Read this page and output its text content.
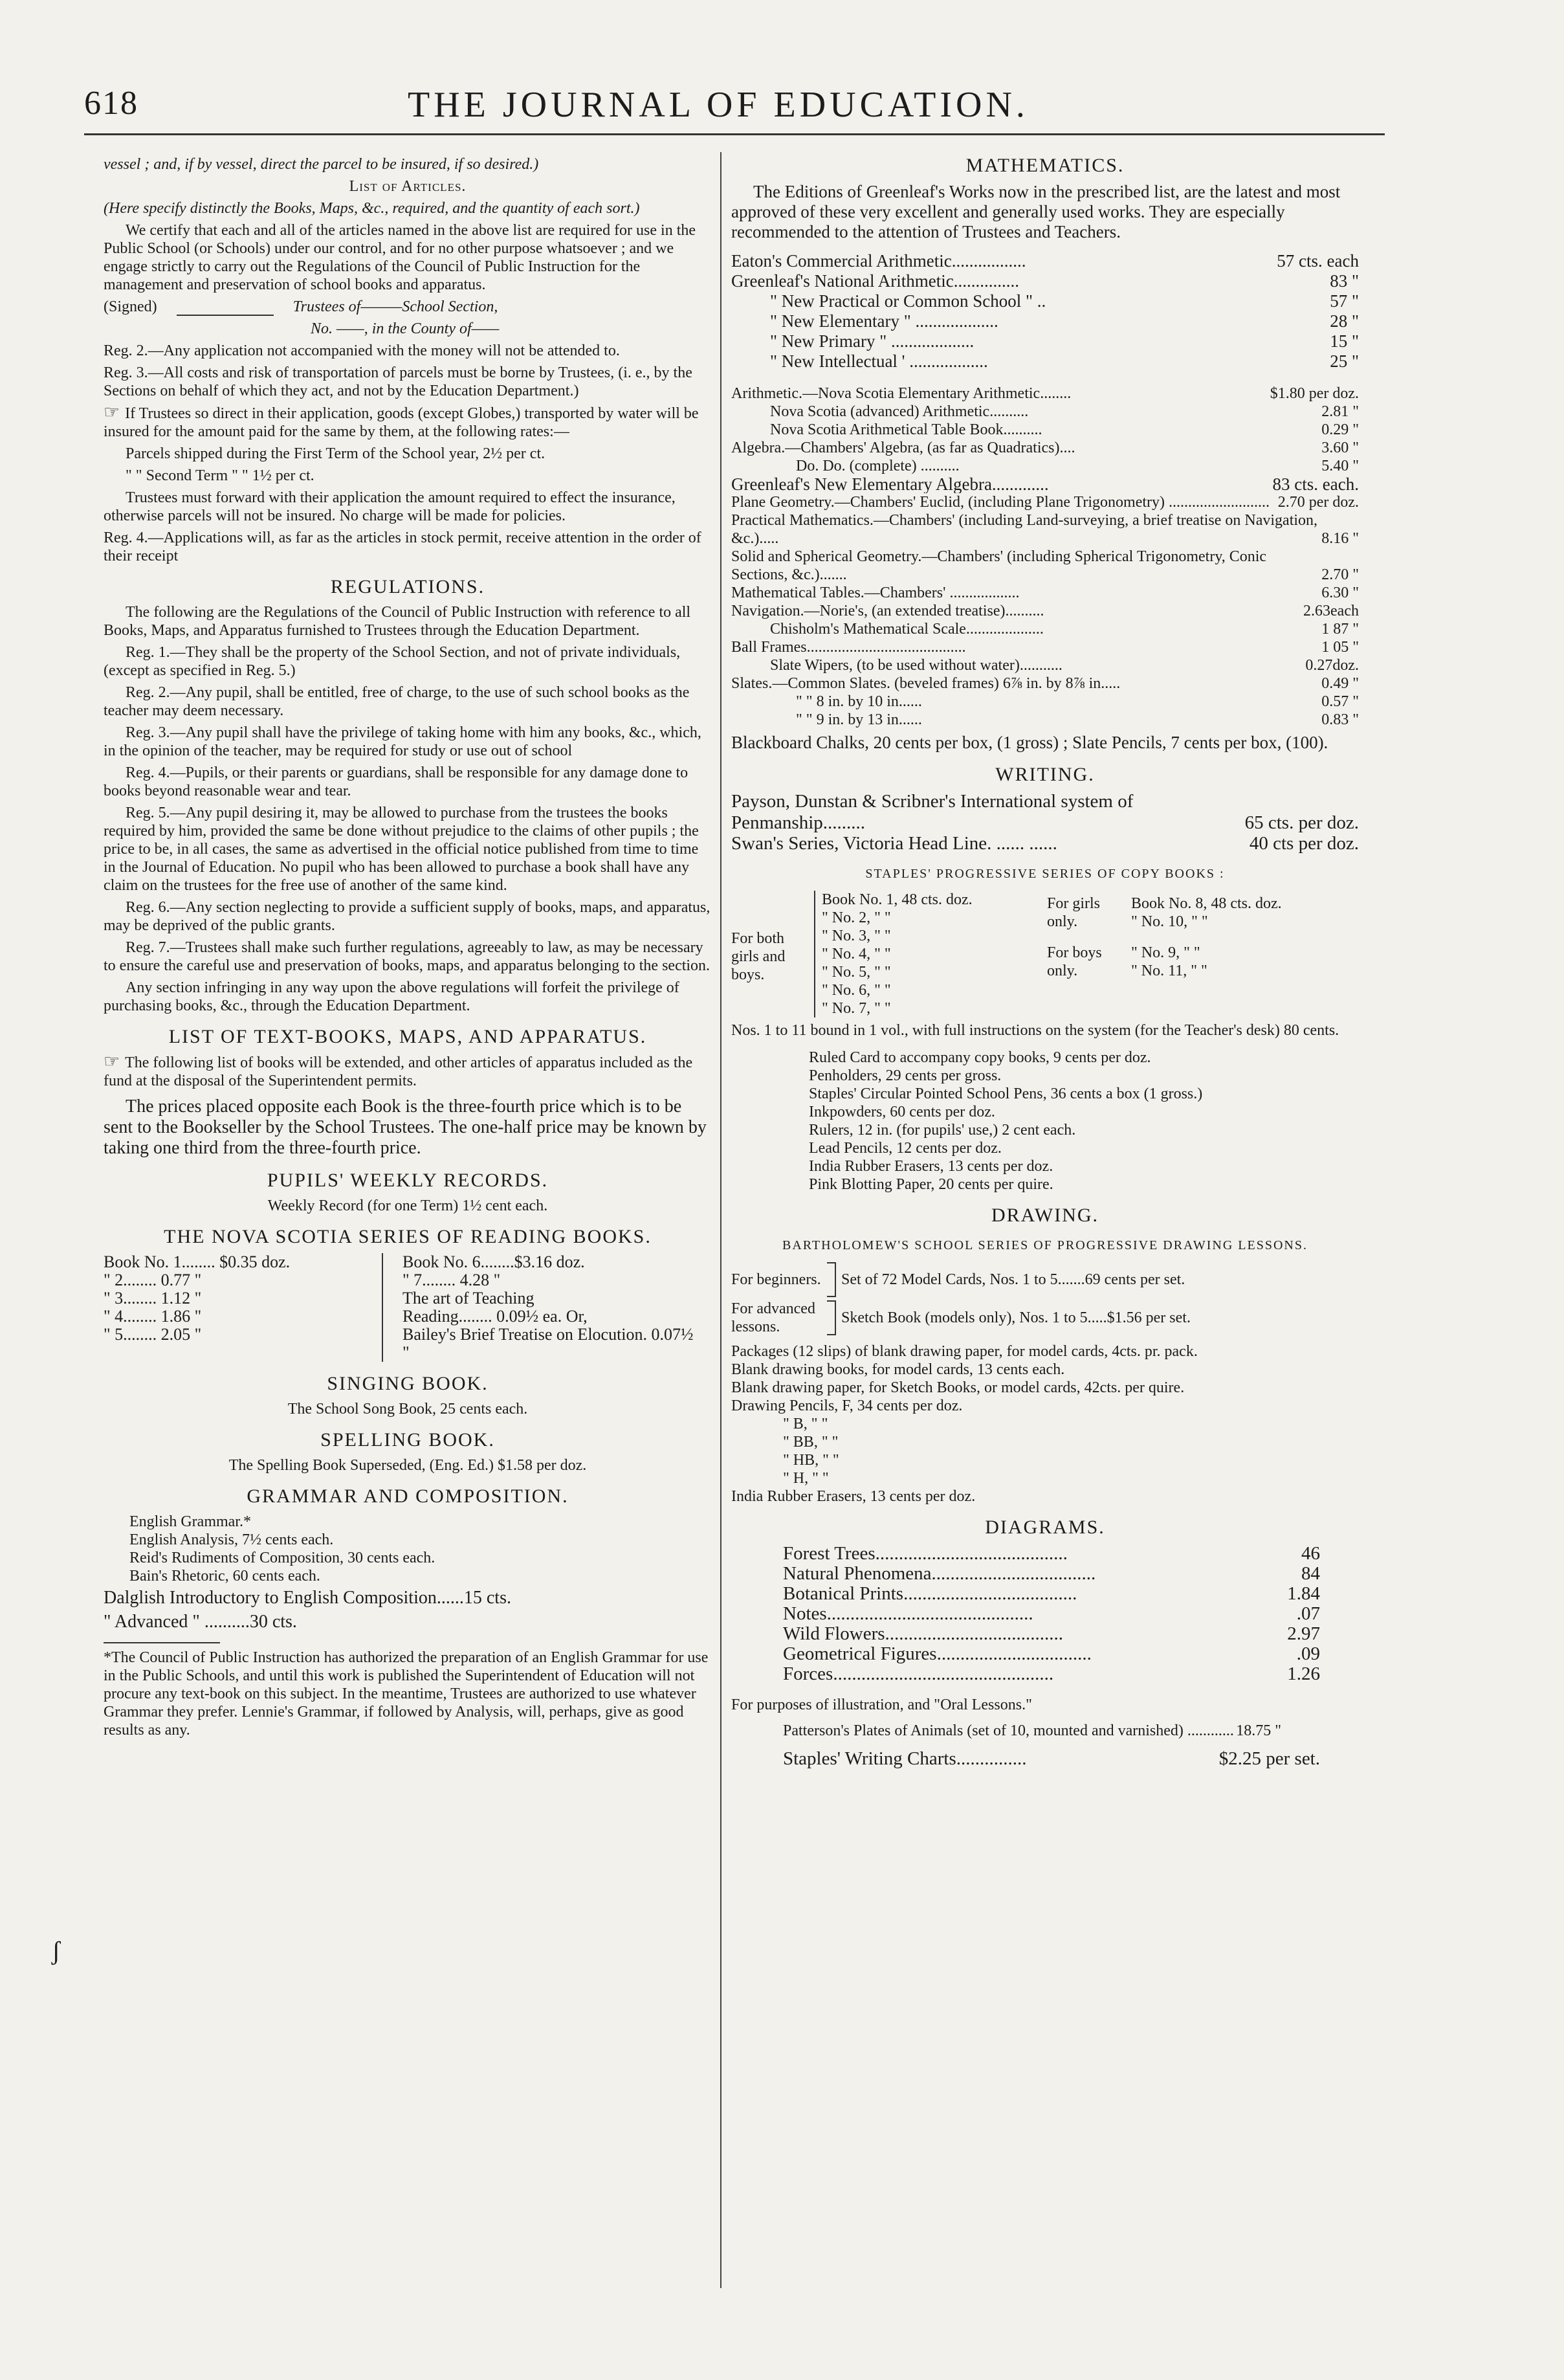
618	THE JOURNAL OF EDUCATION.
ʃ

vessel ; and, if by vessel, direct the parcel to be insured, if so desired.)

List of Articles.

(Here specify distinctly the Books, Maps, &c., required, and the quantity of each sort.)

We certify that each and all of the articles named in the above list are required for use in the Public School (or Schools) under our control, and for no other purpose whatsoever ; and we engage strictly to carry out the Regulations of the Council of Public Instruction for the management and preservation of school books and apparatus.

(Signed)	Trustees of———School Section,

No. ——, in the County of——

Reg. 2.—Any application not accompanied with the money will not be attended to.

Reg. 3.—All costs and risk of transportation of parcels must be borne by Trustees, (i. e., by the Sections on behalf of which they act, and not by the Education Department.)

☞ If Trustees so direct in their application, goods (except Globes,) transported by water will be insured for the amount paid for the same by them, at the following rates:—

Parcels shipped during the First Term of the School year, 2½ per ct.

" " Second Term " " 1½ per ct.

Trustees must forward with their application the amount required to effect the insurance, otherwise parcels will not be insured. No charge will be made for policies.

Reg. 4.—Applications will, as far as the articles in stock permit, receive attention in the order of their receipt

REGULATIONS.

The following are the Regulations of the Council of Public Instruction with reference to all Books, Maps, and Apparatus furnished to Trustees through the Education Department.

Reg. 1.—They shall be the property of the School Section, and not of private individuals, (except as specified in Reg. 5.)

Reg. 2.—Any pupil, shall be entitled, free of charge, to the use of such school books as the teacher may deem necessary.

Reg. 3.—Any pupil shall have the privilege of taking home with him any books, &c., which, in the opinion of the teacher, may be required for study or use out of school

Reg. 4.—Pupils, or their parents or guardians, shall be responsible for any damage done to books beyond reasonable wear and tear.

Reg. 5.—Any pupil desiring it, may be allowed to purchase from the trustees the books required by him, provided the same be done without prejudice to the claims of other pupils ; the price to be, in all cases, the same as advertised in the official notice published from time to time in the Journal of Education. No pupil who has been allowed to purchase a book shall have any claim on the trustees for the free use of another of the same kind.

Reg. 6.—Any section neglecting to provide a sufficient supply of books, maps, and apparatus, may be deprived of the public grants.

Reg. 7.—Trustees shall make such further regulations, agreeably to law, as may be necessary to ensure the careful use and preservation of books, maps, and apparatus belonging to the section.

Any section infringing in any way upon the above regulations will forfeit the privilege of purchasing books, &c., through the Education Department.

LIST OF TEXT-BOOKS, MAPS, AND APPARATUS.

☞ The following list of books will be extended, and other articles of apparatus included as the fund at the disposal of the Superintendent permits.

The prices placed opposite each Book is the three-fourth price which is to be sent to the Bookseller by the School Trustees. The one-half price may be known by taking one third from the three-fourth price.

PUPILS' WEEKLY RECORDS.

Weekly Record (for one Term) 1½ cent each.

THE NOVA SCOTIA SERIES OF READING BOOKS.
Book No. 1........ $0.35 doz.
" 2........ 0.77 "
" 3........ 1.12 "
" 4........ 1.86 "
" 5........ 2.05 "
Book No. 6........$3.16 doz.
" 7........ 4.28 "
The art of Teaching
Reading........ 0.09½ ea. Or,
Bailey's Brief Treatise on Elocution. 0.07½ "
SINGING BOOK.

The School Song Book, 25 cents each.

SPELLING BOOK.

The Spelling Book Superseded, (Eng. Ed.) $1.58 per doz.

GRAMMAR AND COMPOSITION.
English Grammar.*
English Analysis, 7½ cents each.
Reid's Rudiments of Composition, 30 cents each.
Bain's Rhetoric, 60 cents each.

Dalglish Introductory to English Composition......15 cts.

" Advanced " ..........30 cts.

*The Council of Public Instruction has authorized the preparation of an English Grammar for use in the Public Schools, and until this work is published the Superintendent of Education will not procure any text-book on this subject. In the meantime, Trustees are authorized to use whatever Grammar they prefer. Lennie's Grammar, if followed by Analysis, will, perhaps, give as good results as any.

MATHEMATICS.

The Editions of Greenleaf's Works now in the prescribed list, are the latest and most approved of these very excellent and generally used works. They are especially recommended to the attention of Trustees and Teachers.

Eaton's Commercial Arithmetic.................	57 cts. each
Greenleaf's National Arithmetic...............	83 "
" New Practical or Common School " ..	57 "
" New Elementary " ...................	28 "
" New Primary " ...................	15 "
" New Intellectual ' ..................	25 "
Arithmetic.—Nova Scotia Elementary Arithmetic........	$1.80 per doz.
Nova Scotia (advanced) Arithmetic..........	2.81 "
Nova Scotia Arithmetical Table Book..........	0.29 "
Algebra.—Chambers' Algebra, (as far as Quadratics)....	3.60 "
Do. Do. (complete) ..........	5.40 "
Greenleaf's New Elementary Algebra.............	83 cts. each.
Plane Geometry.—Chambers' Euclid, (including Plane Trigonometry) .......................... 2.70 per doz.
Practical Mathematics.—Chambers' (including Land-surveying, a brief treatise on Navigation, &c.).....	8.16 "
Solid and Spherical Geometry.—Chambers' (including Spherical Trigonometry, Conic Sections, &c.).......	2.70 "
Mathematical Tables.—Chambers' ..................	6.30 "
Navigation.—Norie's, (an extended treatise)..........	2.63each
Chisholm's Mathematical Scale....................	1 87 "
Ball Frames.........................................	1 05 "
Slate Wipers, (to be used without water)...........	0.27doz.
Slates.—Common Slates. (beveled frames) 6⅞ in. by 8⅞ in.....	0.49 "
" " 8 in. by 10 in......	0.57 "
" " 9 in. by 13 in......	0.83 "

Blackboard Chalks, 20 cents per box, (1 gross) ; Slate Pencils, 7 cents per box, (100).

WRITING.
Payson, Dunstan & Scribner's International system of Penmanship.........	65 cts. per doz.
Swan's Series, Victoria Head Line. ...... ......	40 cts per doz.
STAPLES' PROGRESSIVE SERIES OF COPY BOOKS :
For both girls and boys.
Book No. 1, 48 cts. doz.
" No. 2, " "
" No. 3, " "
" No. 4, " "
" No. 5, " "
" No. 6, " "
" No. 7, " "
For girls only.
Book No. 8, 48 cts. doz.
" No. 10, " "
For boys only.
" No. 9, " "
" No. 11, " "

Nos. 1 to 11 bound in 1 vol., with full instructions on the system (for the Teacher's desk) 80 cents.

Ruled Card to accompany copy books, 9 cents per doz.
Penholders, 29 cents per gross.
Staples' Circular Pointed School Pens, 36 cents a box (1 gross.)
Inkpowders, 60 cents per doz.
Rulers, 12 in. (for pupils' use,) 2 cent each.
Lead Pencils, 12 cents per doz.
India Rubber Erasers, 13 cents per doz.
Pink Blotting Paper, 20 cents per quire.
DRAWING.
BARTHOLOMEW'S SCHOOL SERIES OF PROGRESSIVE DRAWING LESSONS.
For beginners. Set of 72 Model Cards, Nos. 1 to 5.......69 cents per set.
For advanced lessons.
Sketch Book (models only), Nos. 1 to 5.....$1.56 per set.
Packages (12 slips) of blank drawing paper, for model cards, 4cts. pr. pack.
Blank drawing books, for model cards, 13 cents each.
Blank drawing paper, for Sketch Books, or model cards, 42cts. per quire.
Drawing Pencils, F, 34 cents per doz.
" B, " "
" BB, " "
" HB, " "
" H, " "
India Rubber Erasers, 13 cents per doz.
DIAGRAMS.
Forest Trees.........................................	46
Natural Phenomena...................................	84
Botanical Prints.....................................	1.84
Notes............................................	.07
Wild Flowers......................................	2.97
Geometrical Figures.................................	.09
Forces...............................................	1.26

For purposes of illustration, and "Oral Lessons."

Patterson's Plates of Animals (set of 10, mounted and varnished) ............ 18.75 "
Staples' Writing Charts...............	$2.25 per set.
